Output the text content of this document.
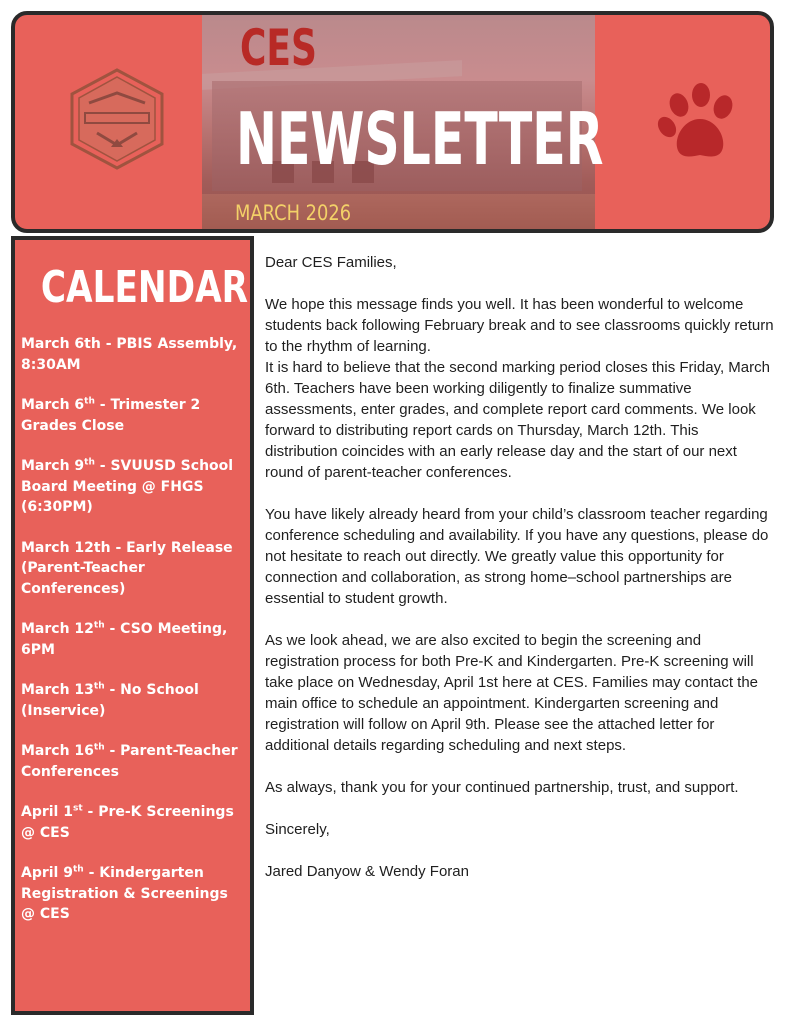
CES
NEWSLETTER
MARCH 2026
CALENDAR
March 6th - PBIS Assembly, 8:30AM
March 6th - Trimester 2 Grades Close
March 9th - SVUUSD School Board Meeting @ FHGS (6:30PM)
March 12th - Early Release (Parent-Teacher Conferences)
March 12th - CSO Meeting, 6PM
March 13th - No School (Inservice)
March 16th - Parent-Teacher Conferences
April 1st - Pre-K Screenings @ CES
April 9th - Kindergarten Registration & Screenings @ CES

Dear CES Families,

We hope this message finds you well. It has been wonderful to welcome students back following February break and to see classrooms quickly return to the rhythm of learning.

It is hard to believe that the second marking period closes this Friday, March 6th. Teachers have been working diligently to finalize summative assessments, enter grades, and complete report card comments. We look forward to distributing report cards on Thursday, March 12th. This distribution coincides with an early release day and the start of our next round of parent-teacher conferences.

You have likely already heard from your child’s classroom teacher regarding conference scheduling and availability. If you have any questions, please do not hesitate to reach out directly. We greatly value this opportunity for connection and collaboration, as strong home–school partnerships are essential to student growth.

As we look ahead, we are also excited to begin the screening and registration process for both Pre-K and Kindergarten. Pre-K screening will take place on Wednesday, April 1st here at CES. Families may contact the main office to schedule an appointment. Kindergarten screening and registration will follow on April 9th. Please see the attached letter for additional details regarding scheduling and next steps.

As always, thank you for your continued partnership, trust, and support.

Sincerely,

Jared Danyow & Wendy Foran
